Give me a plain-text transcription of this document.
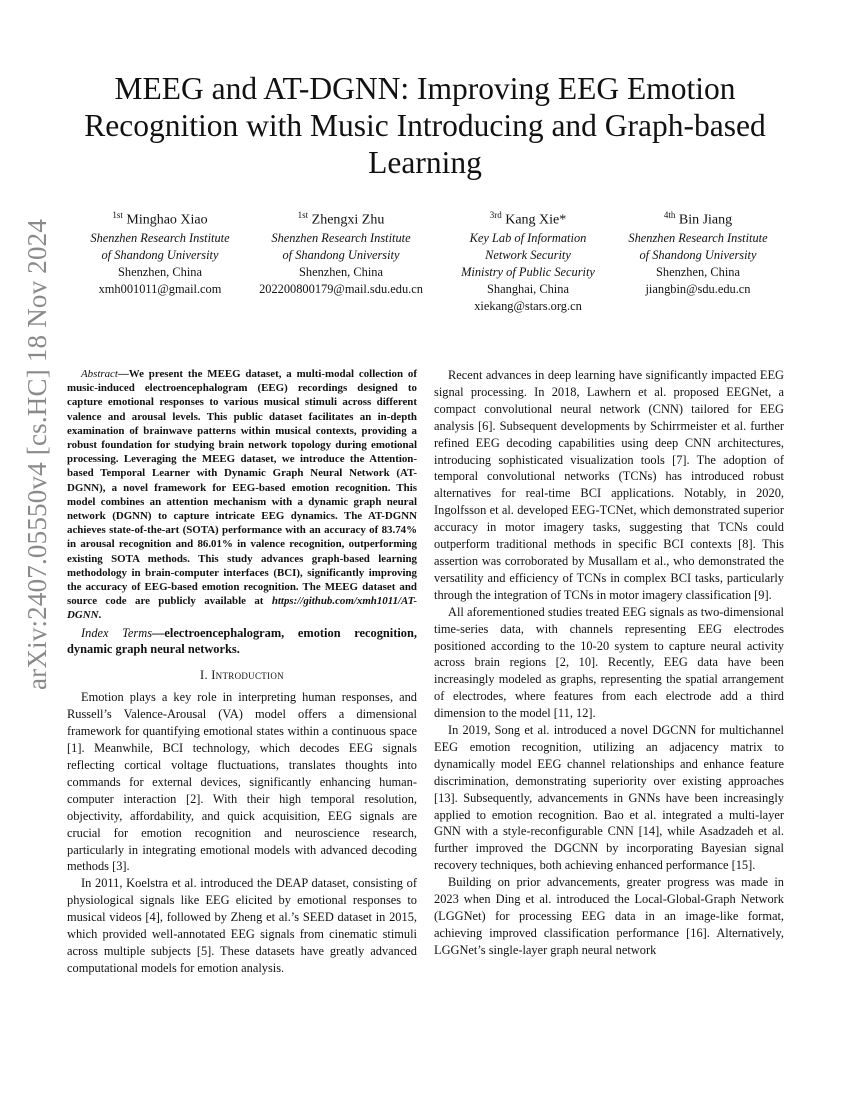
arXiv:2407.05550v4 [cs.HC] 18 Nov 2024
MEEG and AT-DGNN: Improving EEG Emotion Recognition with Music Introducing and Graph-based Learning
$^{1st}$ Minghao Xiao
Shenzhen Research Institute
of Shandong University
Shenzhen, China
xmh001011@gmail.com
$^{1st}$ Zhengxi Zhu
Shenzhen Research Institute
of Shandong University
Shenzhen, China
202200800179@mail.sdu.edu.cn
$^{3rd}$ Kang Xie*
Key Lab of Information
Network Security
Ministry of Public Security
Shanghai, China
xiekang@stars.org.cn
$^{4th}$ Bin Jiang
Shenzhen Research Institute
of Shandong University
Shenzhen, China
jiangbin@sdu.edu.cn

Abstract—We present the MEEG dataset, a multi-modal collection of music-induced electroencephalogram (EEG) recordings designed to capture emotional responses to various musical stimuli across different valence and arousal levels. This public dataset facilitates an in-depth examination of brainwave patterns within musical contexts, providing a robust foundation for studying brain network topology during emotional processing. Leveraging the MEEG dataset, we introduce the Attention-based Temporal Learner with Dynamic Graph Neural Network (AT-DGNN), a novel framework for EEG-based emotion recognition. This model combines an attention mechanism with a dynamic graph neural network (DGNN) to capture intricate EEG dynamics. The AT-DGNN achieves state-of-the-art (SOTA) performance with an accuracy of 83.74% in arousal recognition and 86.01% in valence recognition, outperforming existing SOTA methods. This study advances graph-based learning methodology in brain-computer interfaces (BCI), significantly improving the accuracy of EEG-based emotion recognition. The MEEG dataset and source code are publicly available at https://github.com/xmh1011/AT-DGNN.

Index Terms—electroencephalogram, emotion recognition, dynamic graph neural networks.

I. Introduction

Emotion plays a key role in interpreting human responses, and Russell’s Valence-Arousal (VA) model offers a dimensional framework for quantifying emotional states within a continuous space [1]. Meanwhile, BCI technology, which decodes EEG signals reflecting cortical voltage fluctuations, translates thoughts into commands for external devices, significantly enhancing human-computer interaction [2]. With their high temporal resolution, objectivity, affordability, and quick acquisition, EEG signals are crucial for emotion recognition and neuroscience research, particularly in integrating emotional models with advanced decoding methods [3].

In 2011, Koelstra et al. introduced the DEAP dataset, consisting of physiological signals like EEG elicited by emotional responses to musical videos [4], followed by Zheng et al.’s SEED dataset in 2015, which provided well-annotated EEG signals from cinematic stimuli across multiple subjects [5]. These datasets have greatly advanced computational models for emotion analysis.

Recent advances in deep learning have significantly impacted EEG signal processing. In 2018, Lawhern et al. proposed EEGNet, a compact convolutional neural network (CNN) tailored for EEG analysis [6]. Subsequent developments by Schirrmeister et al. further refined EEG decoding capabilities using deep CNN architectures, introducing sophisticated visualization tools [7]. The adoption of temporal convolutional networks (TCNs) has introduced robust alternatives for real-time BCI applications. Notably, in 2020, Ingolfsson et al. developed EEG-TCNet, which demonstrated superior accuracy in motor imagery tasks, suggesting that TCNs could outperform traditional methods in specific BCI contexts [8]. This assertion was corroborated by Musallam et al., who demonstrated the versatility and efficiency of TCNs in complex BCI tasks, particularly through the integration of TCNs in motor imagery classification [9].

All aforementioned studies treated EEG signals as two-dimensional time-series data, with channels representing EEG electrodes positioned according to the 10-20 system to capture neural activity across brain regions [2, 10]. Recently, EEG data have been increasingly modeled as graphs, representing the spatial arrangement of electrodes, where features from each electrode add a third dimension to the model [11, 12].

In 2019, Song et al. introduced a novel DGCNN for multichannel EEG emotion recognition, utilizing an adjacency matrix to dynamically model EEG channel relationships and enhance feature discrimination, demonstrating superiority over existing approaches [13]. Subsequently, advancements in GNNs have been increasingly applied to emotion recognition. Bao et al. integrated a multi-layer GNN with a style-reconfigurable CNN [14], while Asadzadeh et al. further improved the DGCNN by incorporating Bayesian signal recovery techniques, both achieving enhanced performance [15].

Building on prior advancements, greater progress was made in 2023 when Ding et al. introduced the Local-Global-Graph Network (LGGNet) for processing EEG data in an image-like format, achieving improved classification performance [16]. Alternatively, LGGNet’s single-layer graph neural network
